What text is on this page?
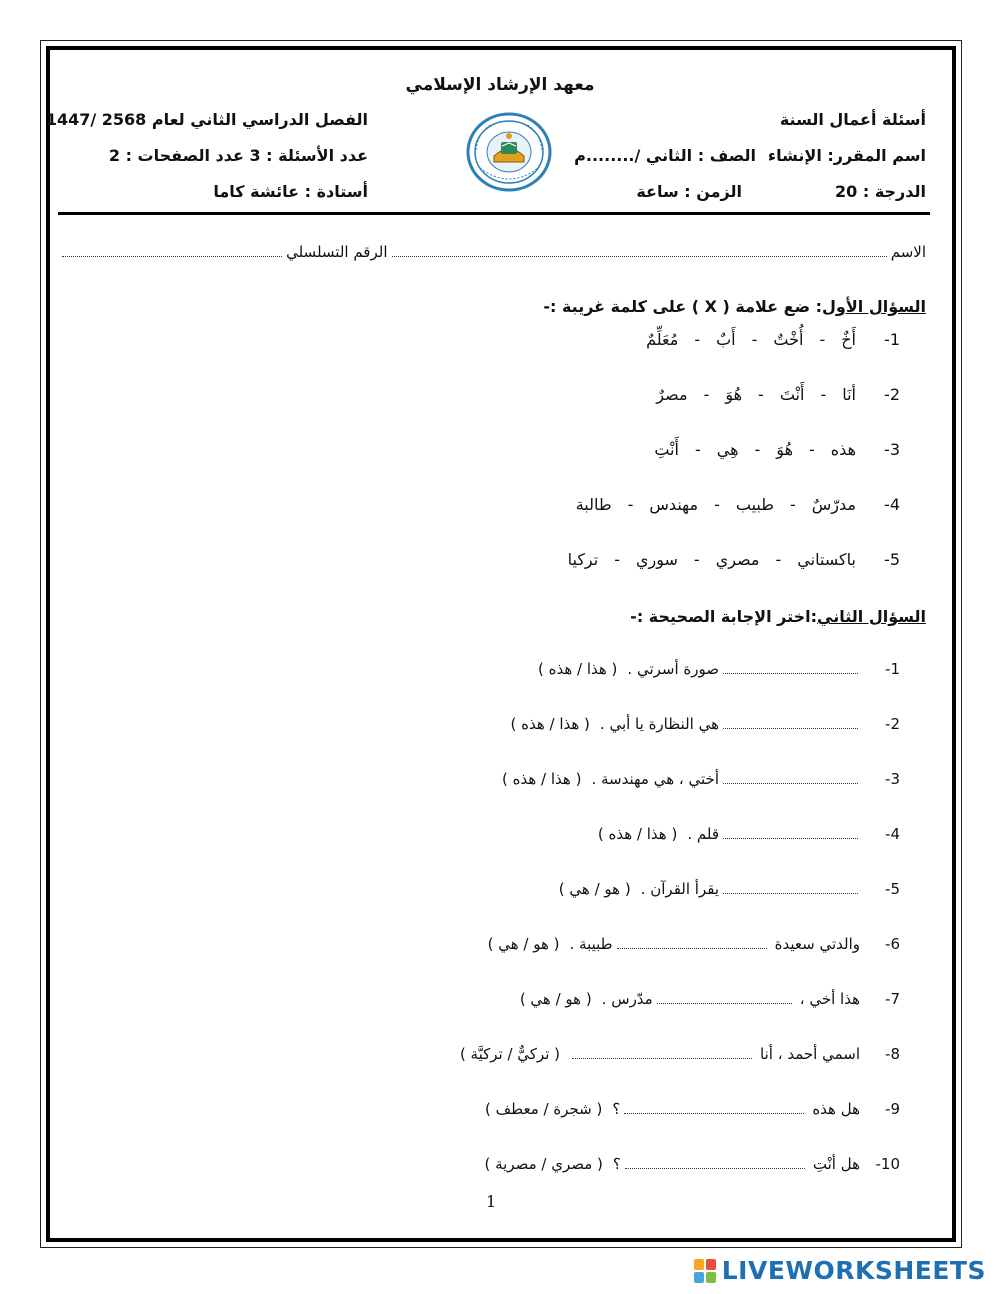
معهد الإرشاد الإسلامي
أسئلة أعمال السنة
اسم المقرر: الإنشاء
الدرجة : 20
الصف : الثاني /........م
الزمن : ساعة
الفصل الدراسي الثاني لعام 2568 /1447
عدد الأسئلة : 3 عدد الصفحات : 2
أستادة : عائشة كاما
الاسم
الرقم التسلسلي
السؤال الأول: ضع علامة ( X ) على كلمة غريبة :-
1-
أَخٌ
-
أُخْتٌ
-
أَبٌ
-
مُعَلِّمٌ
2-
أنَا
-
أَنْتَ
-
هُوَ
-
مصرٌ
3-
هذه
-
هُوَ
-
هِي
-
أَنْتِ
4-
مدرّسٌ
-
طبيب
-
مهندس
-
طالبة
5-
باكستاني
-
مصري
-
سوري
-
تركيا
السؤال الثاني:اختر الإجابة الصحيحة :-
1-
صورة أسرتي .
( هذا / هذه )
2-
هي النظارة يا أبي .
( هذا / هذه )
3-
أختي ، هي مهندسة .
( هذا / هذه )
4-
قلم .
( هذا / هذه )
5-
يقرأ القرآن .
( هو / هي )
6-
والدتي سعيدة
طبيبة .
( هو / هي )
7-
هذا أخي ،
مدّرس .
( هو / هي )
8-
اسمي أحمد ، أنا
( تركيٌّ / تركيَّة )
9-
هل هذه
؟
( شجرة / معطف )
10-
هل أنْتِ
؟
( مصري / مصرية )
1
LIVEWORKSHEETS
